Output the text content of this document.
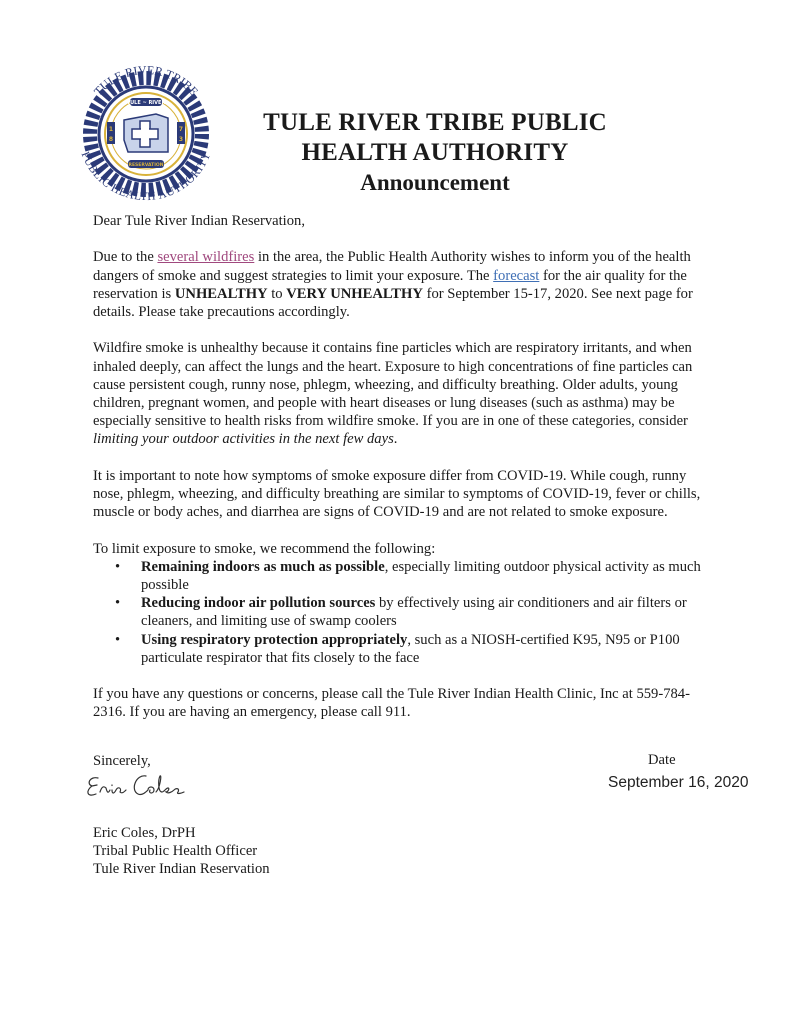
TULE ~ RIVER
RESERVATION
1
8
7
3
TULE RIVER TRIBE
PUBLIC HEALTH AUTHORITY
TULE RIVER TRIBE PUBLIC
HEALTH AUTHORITY
Announcement

Dear Tule River Indian Reservation,

Due to the several wildfires in the area, the Public Health Authority wishes to inform you of the health dangers of smoke and suggest strategies to limit your exposure. The forecast for the air quality for the reservation is UNHEALTHY to VERY UNHEALTHY for September 15-17, 2020. See next page for details. Please take precautions accordingly.

Wildfire smoke is unhealthy because it contains fine particles which are respiratory irritants, and when inhaled deeply, can affect the lungs and the heart. Exposure to high concentrations of fine particles can cause persistent cough, runny nose, phlegm, wheezing, and difficulty breathing. Older adults, young children, pregnant women, and people with heart diseases or lung diseases (such as asthma) may be especially sensitive to health risks from wildfire smoke. If you are in one of these categories, consider limiting your outdoor activities in the next few days.

It is important to note how symptoms of smoke exposure differ from COVID-19. While cough, runny nose, phlegm, wheezing, and difficulty breathing are similar to symptoms of COVID-19, fever or chills, muscle or body aches, and diarrhea are signs of COVID-19 and are not related to smoke exposure.

To limit exposure to smoke, we recommend the following:
• Remaining indoors as much as possible, especially limiting outdoor physical activity as much possible
• Reducing indoor air pollution sources by effectively using air conditioners and air filters or cleaners, and limiting use of swamp coolers
• Using respiratory protection appropriately, such as a NIOSH-certified K95, N95 or P100 particulate respirator that fits closely to the face

If you have any questions or concerns, please call the Tule River Indian Health Clinic, Inc at 559-784-2316. If you are having an emergency, please call 911.

Sincerely,
Eric Coles, DrPH
Tribal Public Health Officer
Tule River Indian Reservation
Date
September 16, 2020
